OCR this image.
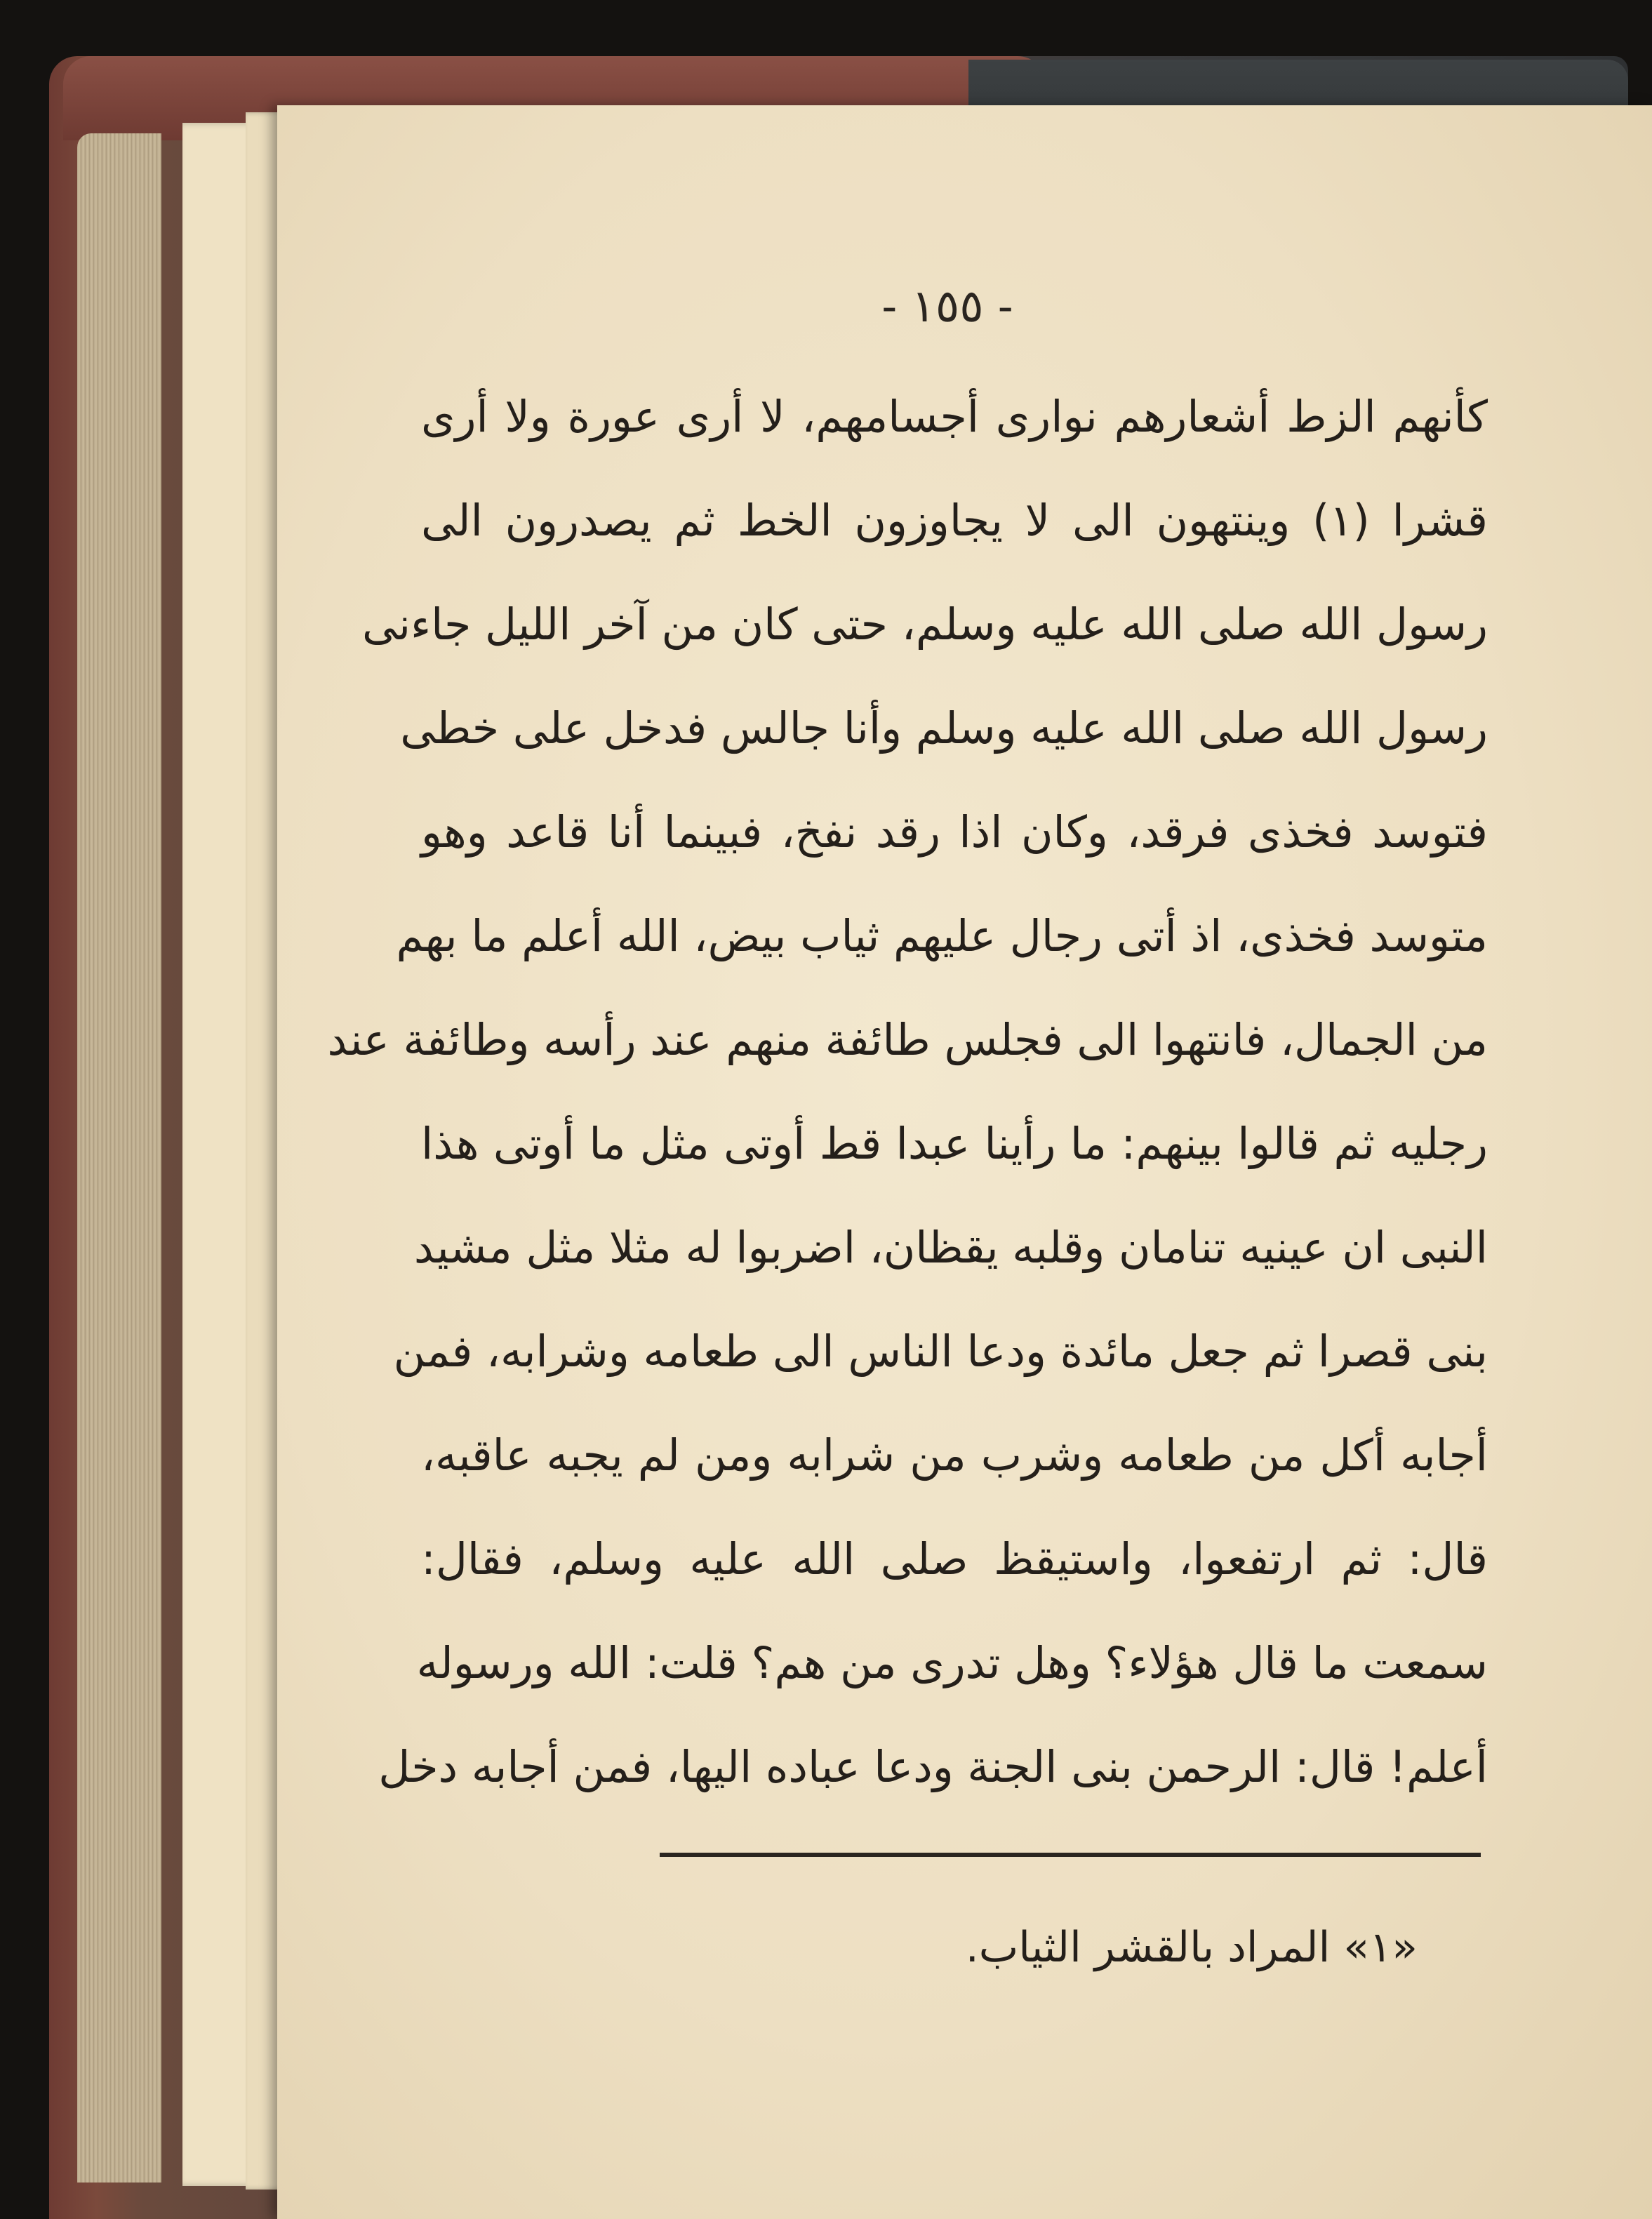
- ١٥٥ -
كأنهم الزط أشعارهم نوارى أجسامهم، لا أرى عورة ولا أرى
قشرا (١) وينتهون الى لا يجاوزون الخط ثم يصدرون الى
رسول الله صلى الله عليه وسلم، حتى كان من آخر الليل جاءنى
رسول الله صلى الله عليه وسلم وأنا جالس فدخل على خطى
فتوسد فخذى فرقد، وكان اذا رقد نفخ، فبينما أنا قاعد وهو
متوسد فخذى، اذ أتى رجال عليهم ثياب بيض، الله أعلم ما بهم
من الجمال، فانتهوا الى فجلس طائفة منهم عند رأسه وطائفة عند
رجليه ثم قالوا بينهم: ما رأينا عبدا قط أوتى مثل ما أوتى هذا
النبى ان عينيه تنامان وقلبه يقظان، اضربوا له مثلا مثل مشيد
بنى قصرا ثم جعل مائدة ودعا الناس الى طعامه وشرابه، فمن
أجابه أكل من طعامه وشرب من شرابه ومن لم يجبه عاقبه،
قال: ثم ارتفعوا، واستيقظ صلى الله عليه وسلم، فقال:
سمعت ما قال هؤلاء؟ وهل تدرى من هم؟ قلت: الله ورسوله
أعلم! قال: الرحمن بنى الجنة ودعا عباده اليها، فمن أجابه دخل
«١» المراد بالقشر الثياب.
